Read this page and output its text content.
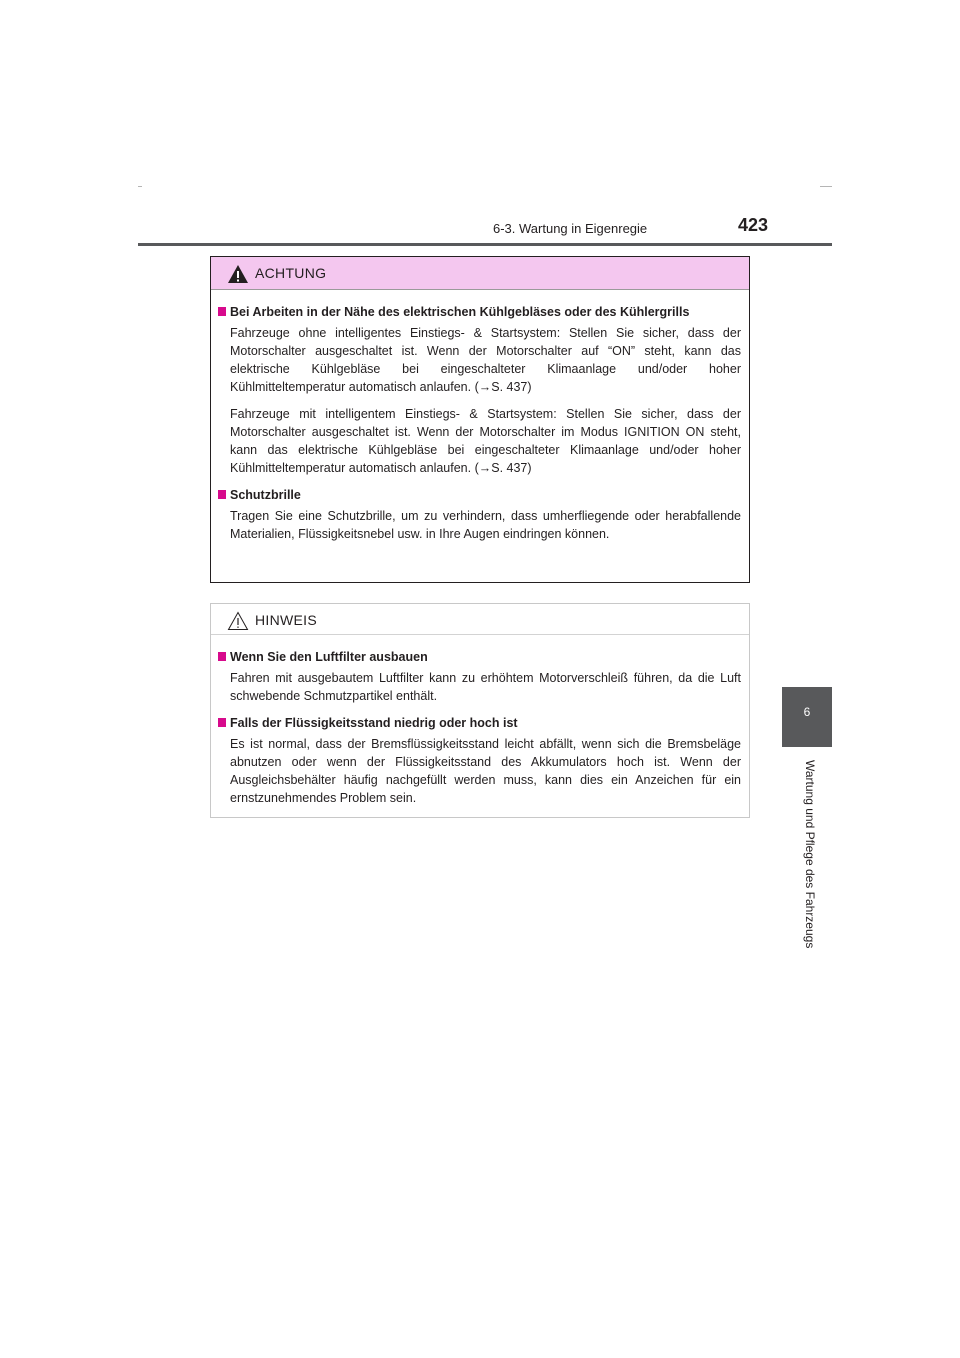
6-3. Wartung in Eigenregie	423
6
Wartung und Pflege des Fahrzeugs
ACHTUNG
Bei Arbeiten in der Nähe des elektrischen Kühlgebläses oder des Kühlergrills

Fahrzeuge ohne intelligentes Einstiegs- & Startsystem: Stellen Sie sicher, dass der Motorschalter ausgeschaltet ist. Wenn der Motorschalter auf “ON” steht, kann das elektrische Kühlgebläse bei eingeschalteter Klimaanlage und/oder hoher Kühlmitteltemperatur automatisch anlaufen. (→S. 437)

Fahrzeuge mit intelligentem Einstiegs- & Startsystem: Stellen Sie sicher, dass der Motorschalter ausgeschaltet ist. Wenn der Motorschalter im Modus IGNITION ON steht, kann das elektrische Kühlgebläse bei eingeschalteter Klimaanlage und/oder hoher Kühlmitteltemperatur automatisch anlaufen. (→S. 437)

Schutzbrille

Tragen Sie eine Schutzbrille, um zu verhindern, dass umherfliegende oder herabfallende Materialien, Flüssigkeitsnebel usw. in Ihre Augen eindringen können.

HINWEIS
Wenn Sie den Luftfilter ausbauen

Fahren mit ausgebautem Luftfilter kann zu erhöhtem Motorverschleiß führen, da die Luft schwebende Schmutzpartikel enthält.

Falls der Flüssigkeitsstand niedrig oder hoch ist

Es ist normal, dass der Bremsflüssigkeitsstand leicht abfällt, wenn sich die Bremsbeläge abnutzen oder wenn der Flüssigkeitsstand des Akkumulators hoch ist. Wenn der Ausgleichsbehälter häufig nachgefüllt werden muss, kann dies ein Anzeichen für ein ernstzunehmendes Problem sein.
